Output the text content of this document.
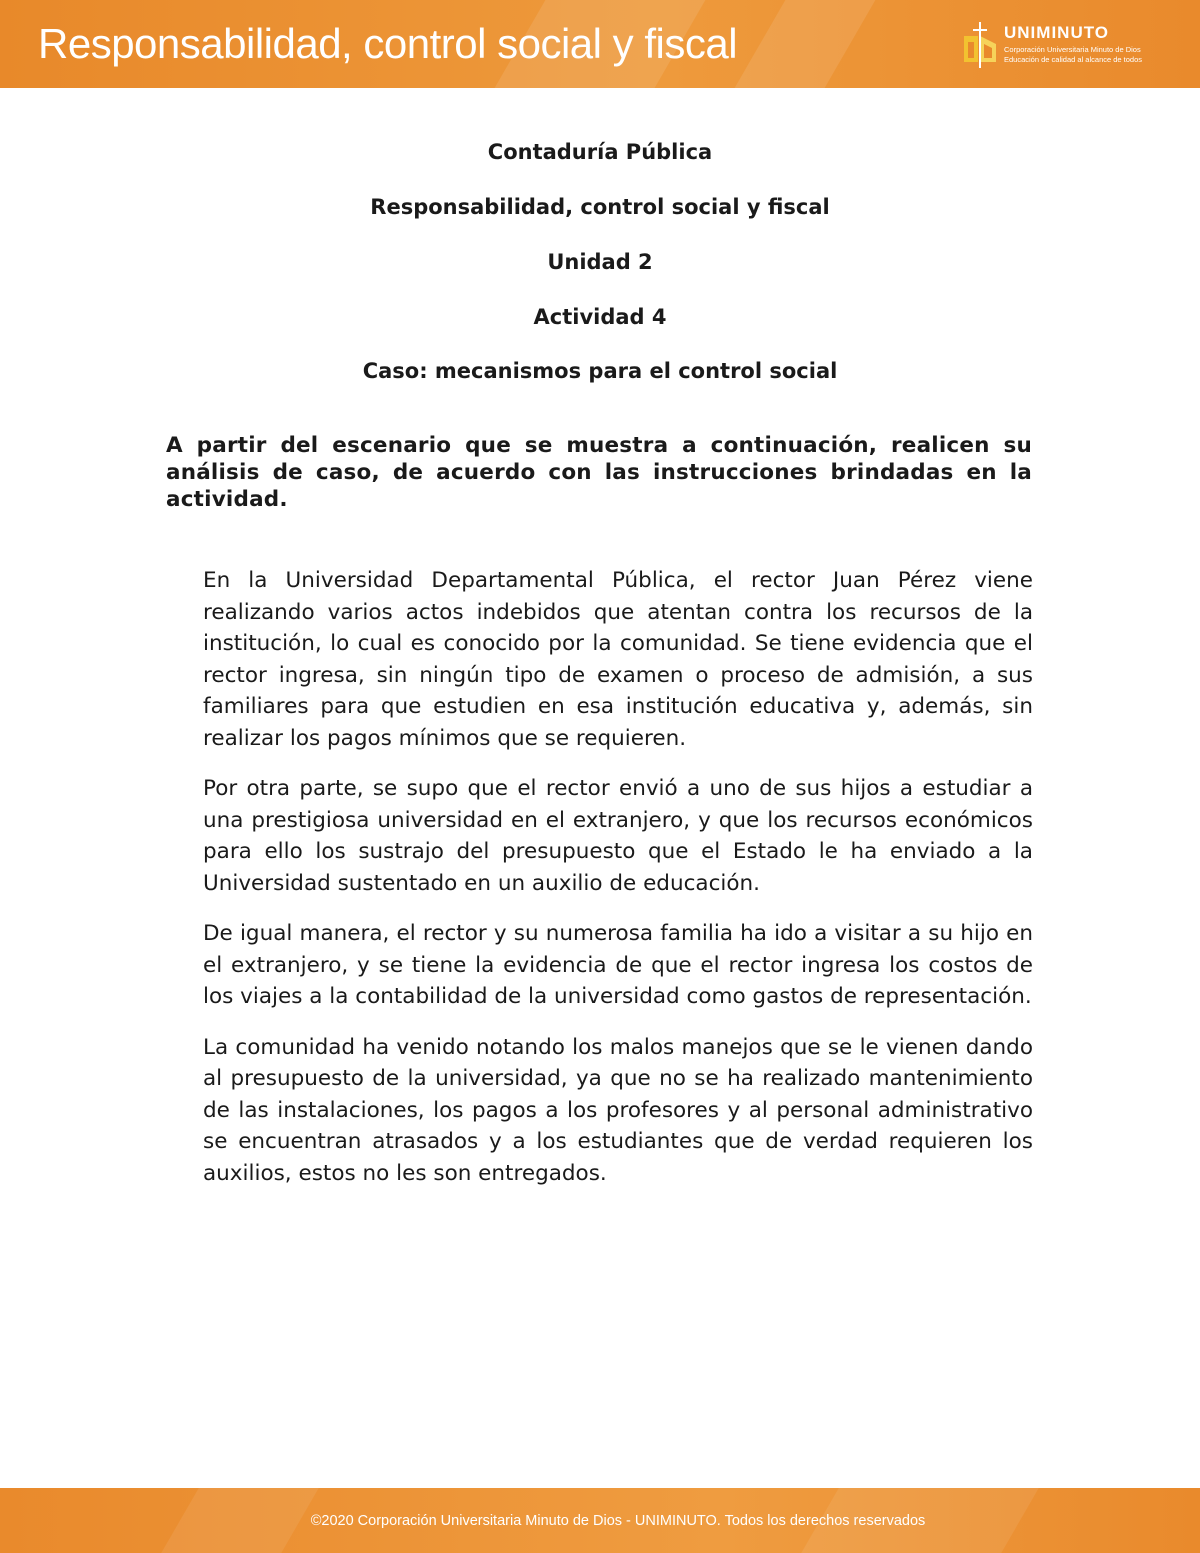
Responsabilidad, control social y fiscal	UNIMINUTO
Corporación Universitaria Minuto de Dios
Educación de calidad al alcance de todos
Contaduría Pública
Responsabilidad, control social y fiscal
Unidad 2
Actividad 4
Caso: mecanismos para el control social
A partir del escenario que se muestra a continuación, realicen su análisis de caso, de acuerdo con las instrucciones brindadas en la actividad.

En la Universidad Departamental Pública, el rector Juan Pérez viene realizando varios actos indebidos que atentan contra los recursos de la institución, lo cual es conocido por la comunidad. Se tiene evidencia que el rector ingresa, sin ningún tipo de examen o proceso de admisión, a sus familiares para que estudien en esa institución educativa y, además, sin realizar los pagos mínimos que se requieren.

Por otra parte, se supo que el rector envió a uno de sus hijos a estudiar a una prestigiosa universidad en el extranjero, y que los recursos económicos para ello los sustrajo del presupuesto que el Estado le ha enviado a la Universidad sustentado en un auxilio de educación.

De igual manera, el rector y su numerosa familia ha ido a visitar a su hijo en el extranjero, y se tiene la evidencia de que el rector ingresa los costos de los viajes a la contabilidad de la universidad como gastos de representación.

La comunidad ha venido notando los malos manejos que se le vienen dando al presupuesto de la universidad, ya que no se ha realizado mantenimiento de las instalaciones, los pagos a los profesores y al personal administrativo se encuentran atrasados y a los estudiantes que de verdad requieren los auxilios, estos no les son entregados.

©2020 Corporación Universitaria Minuto de Dios - UNIMINUTO. Todos los derechos reservados
